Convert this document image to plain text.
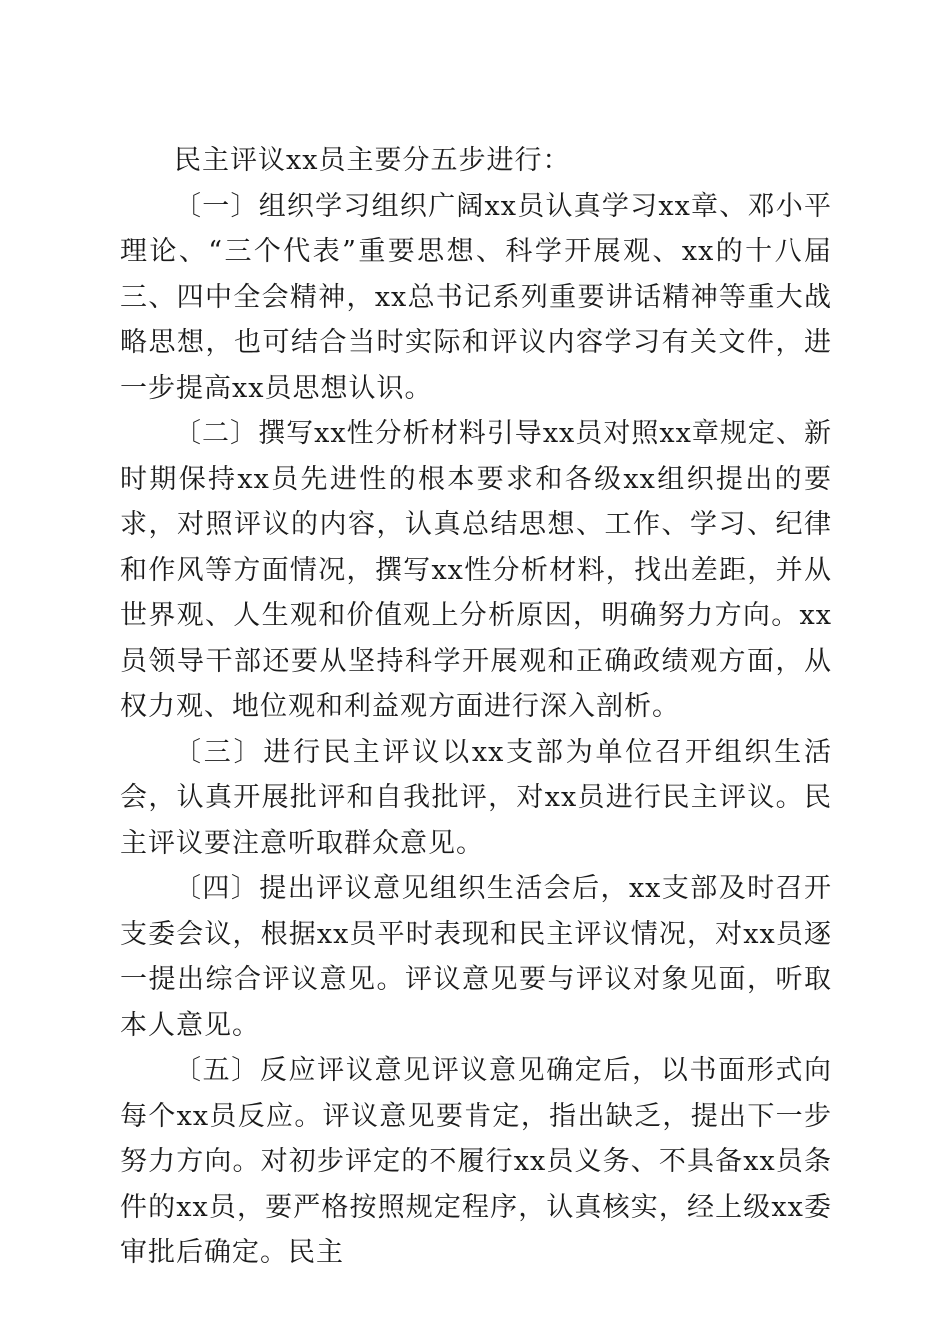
民主评议xx员主要分五步进行：

〔一〕组织学习组织广阔xx员认真学习xx章、邓小平理论、“三个代表”重要思想、科学开展观、xx的十八届三、四中全会精神，xx总书记系列重要讲话精神等重大战略思想，也可结合当时实际和评议内容学习有关文件，进一步提高xx员思想认识。

〔二〕撰写xx性分析材料引导xx员对照xx章规定、新时期保持xx员先进性的根本要求和各级xx组织提出的要求，对照评议的内容，认真总结思想、工作、学习、纪律和作风等方面情况，撰写xx性分析材料，找出差距，并从世界观、人生观和价值观上分析原因，明确努力方向。xx员领导干部还要从坚持科学开展观和正确政绩观方面，从权力观、地位观和利益观方面进行深入剖析。

〔三〕进行民主评议以xx支部为单位召开组织生活会，认真开展批评和自我批评，对xx员进行民主评议。民主评议要注意听取群众意见。

〔四〕提出评议意见组织生活会后，xx支部及时召开支委会议，根据xx员平时表现和民主评议情况，对xx员逐一提出综合评议意见。评议意见要与评议对象见面，听取本人意见。

〔五〕反应评议意见评议意见确定后，以书面形式向每个xx员反应。评议意见要肯定，指出缺乏，提出下一步努力方向。对初步评定的不履行xx员义务、不具备xx员条件的xx员，要严格按照规定程序，认真核实，经上级xx委审批后确定。民主
